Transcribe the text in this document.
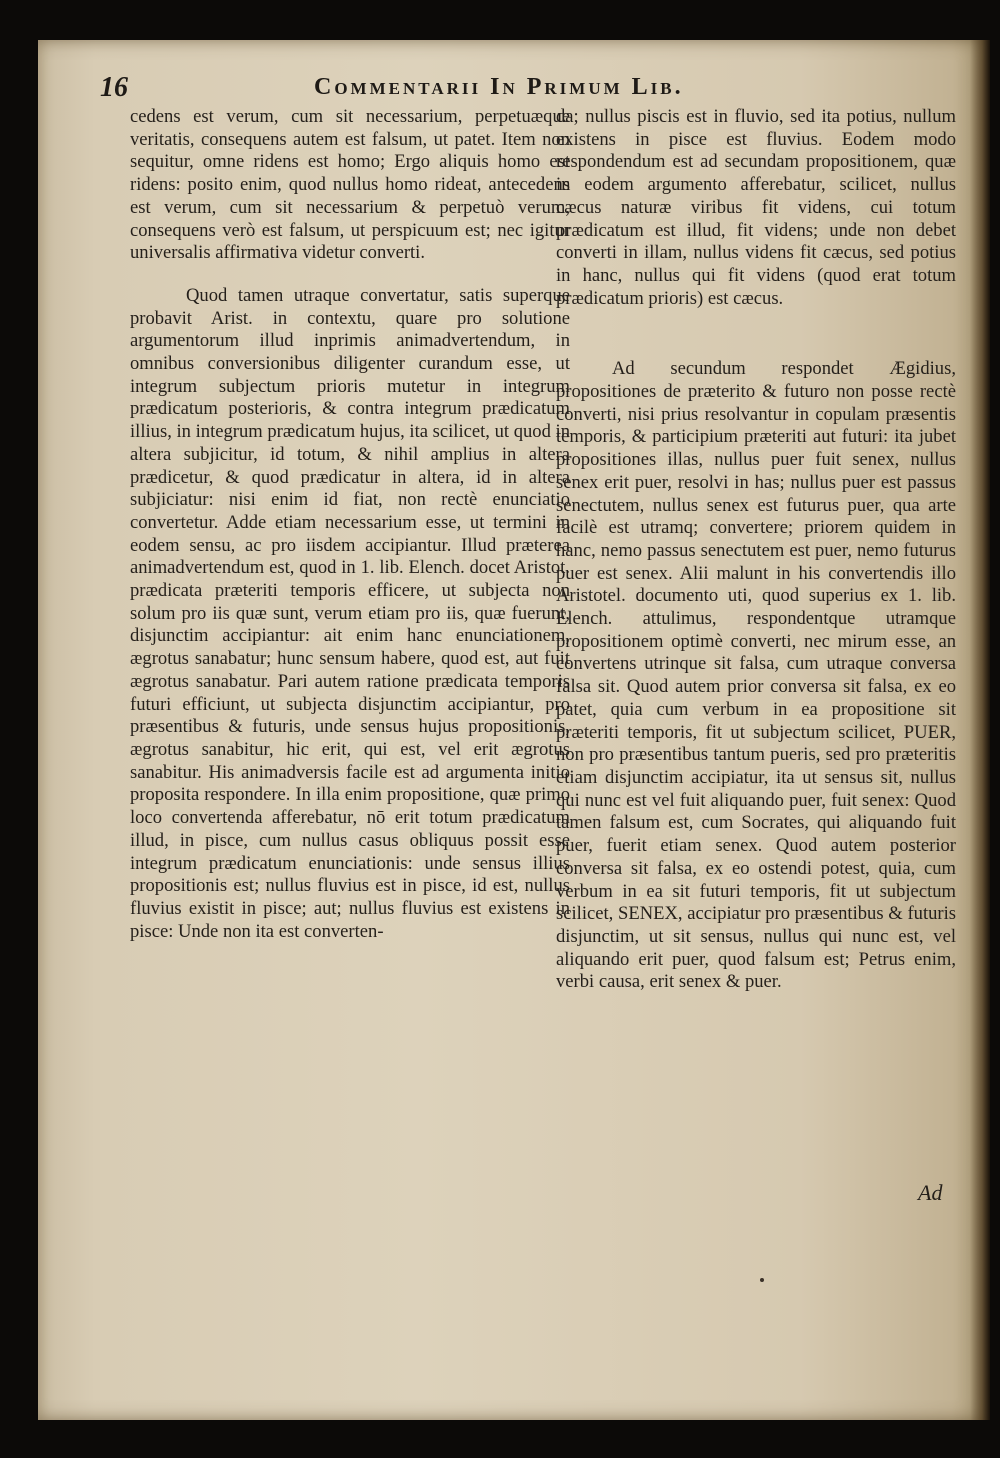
16	Commentarii In Primum Lib.

cedens est verum, cum sit necessarium, perpetuæque veritatis, consequens autem est falsum, ut patet. Item non sequitur, omne ridens est homo; Ergo aliquis homo est ridens: posito enim, quod nullus homo rideat, antecedens est verum, cum sit necessarium & perpetuò verum, consequens verò est falsum, ut perspicuum est; nec igitur universalis affirmativa videtur converti.

Quod tamen utraque convertatur, satis superque probavit Arist. in contextu, quare pro solutione argumentorum illud inprimis animadvertendum, in omnibus conversionibus diligenter curandum esse, ut integrum subjectum prioris mutetur in integrum prædicatum posterioris, & contra integrum prædicatum illius, in integrum prædicatum hujus, ita scilicet, ut quod in altera subjicitur, id totum, & nihil amplius in altera prædicetur, & quod prædicatur in altera, id in altera subjiciatur: nisi enim id fiat, non rectè enunciatio convertetur. Adde etiam necessarium esse, ut termini in eodem sensu, ac pro iisdem accipiantur. Illud præterea animadvertendum est, quod in 1. lib. Elench. docet Aristot. prædicata præteriti temporis efficere, ut subjecta non solum pro iis quæ sunt, verum etiam pro iis, quæ fuerunt, disjunctim accipiantur: ait enim hanc enunciationem, ægrotus sanabatur; hunc sensum habere, quod est, aut fuit ægrotus sanabatur. Pari autem ratione prædicata temporis futuri efficiunt, ut subjecta disjunctim accipiantur, pro præsentibus & futuris, unde sensus hujus propositionis, ægrotus sanabitur, hic erit, qui est, vel erit ægrotus sanabitur. His animadversis facile est ad argumenta initio proposita respondere. In illa enim propositione, quæ primo loco convertenda afferebatur, nō erit totum prædicatum illud, in pisce, cum nullus casus obliquus possit esse integrum prædicatum enunciationis: unde sensus illius propositionis est; nullus fluvius est in pisce, id est, nullus fluvius existit in pisce; aut; nullus fluvius est existens in pisce: Unde non ita est converten-

da; nullus piscis est in fluvio, sed ita potius, nullum existens in pisce est fluvius. Eodem modo respondendum est ad secundam propositionem, quæ in eodem argumento afferebatur, scilicet, nullus cæcus naturæ viribus fit videns, cui totum prædicatum est illud, fit videns; unde non debet converti in illam, nullus videns fit cæcus, sed potius in hanc, nullus qui fit videns (quod erat totum prædicatum prioris) est cæcus.

Ad secundum respondet Ægidius, propositiones de præterito & futuro non posse rectè converti, nisi prius resolvantur in copulam præsentis temporis, & participium præteriti aut futuri: ita jubet propositiones illas, nullus puer fuit senex, nullus senex erit puer, resolvi in has; nullus puer est passus senectutem, nullus senex est futurus puer, qua arte facilè est utramq; convertere; priorem quidem in hanc, nemo passus senectutem est puer, nemo futurus puer est senex. Alii malunt in his convertendis illo Aristotel. documento uti, quod superius ex 1. lib. Elench. attulimus, respondentque utramque propositionem optimè converti, nec mirum esse, an convertens utrinque sit falsa, cum utraque conversa falsa sit. Quod autem prior conversa sit falsa, ex eo patet, quia cum verbum in ea propositione sit præteriti temporis, fit ut subjectum scilicet, PUER, non pro præsentibus tantum pueris, sed pro præteritis etiam disjunctim accipiatur, ita ut sensus sit, nullus qui nunc est vel fuit aliquando puer, fuit senex: Quod tamen falsum est, cum Socrates, qui aliquando fuit puer, fuerit etiam senex. Quod autem posterior conversa sit falsa, ex eo ostendi potest, quia, cum verbum in ea sit futuri temporis, fit ut subjectum scilicet, SENEX, accipiatur pro præsentibus & futuris disjunctim, ut sit sensus, nullus qui nunc est, vel aliquando erit puer, quod falsum est; Petrus enim, verbi causa, erit senex & puer.

Ad
